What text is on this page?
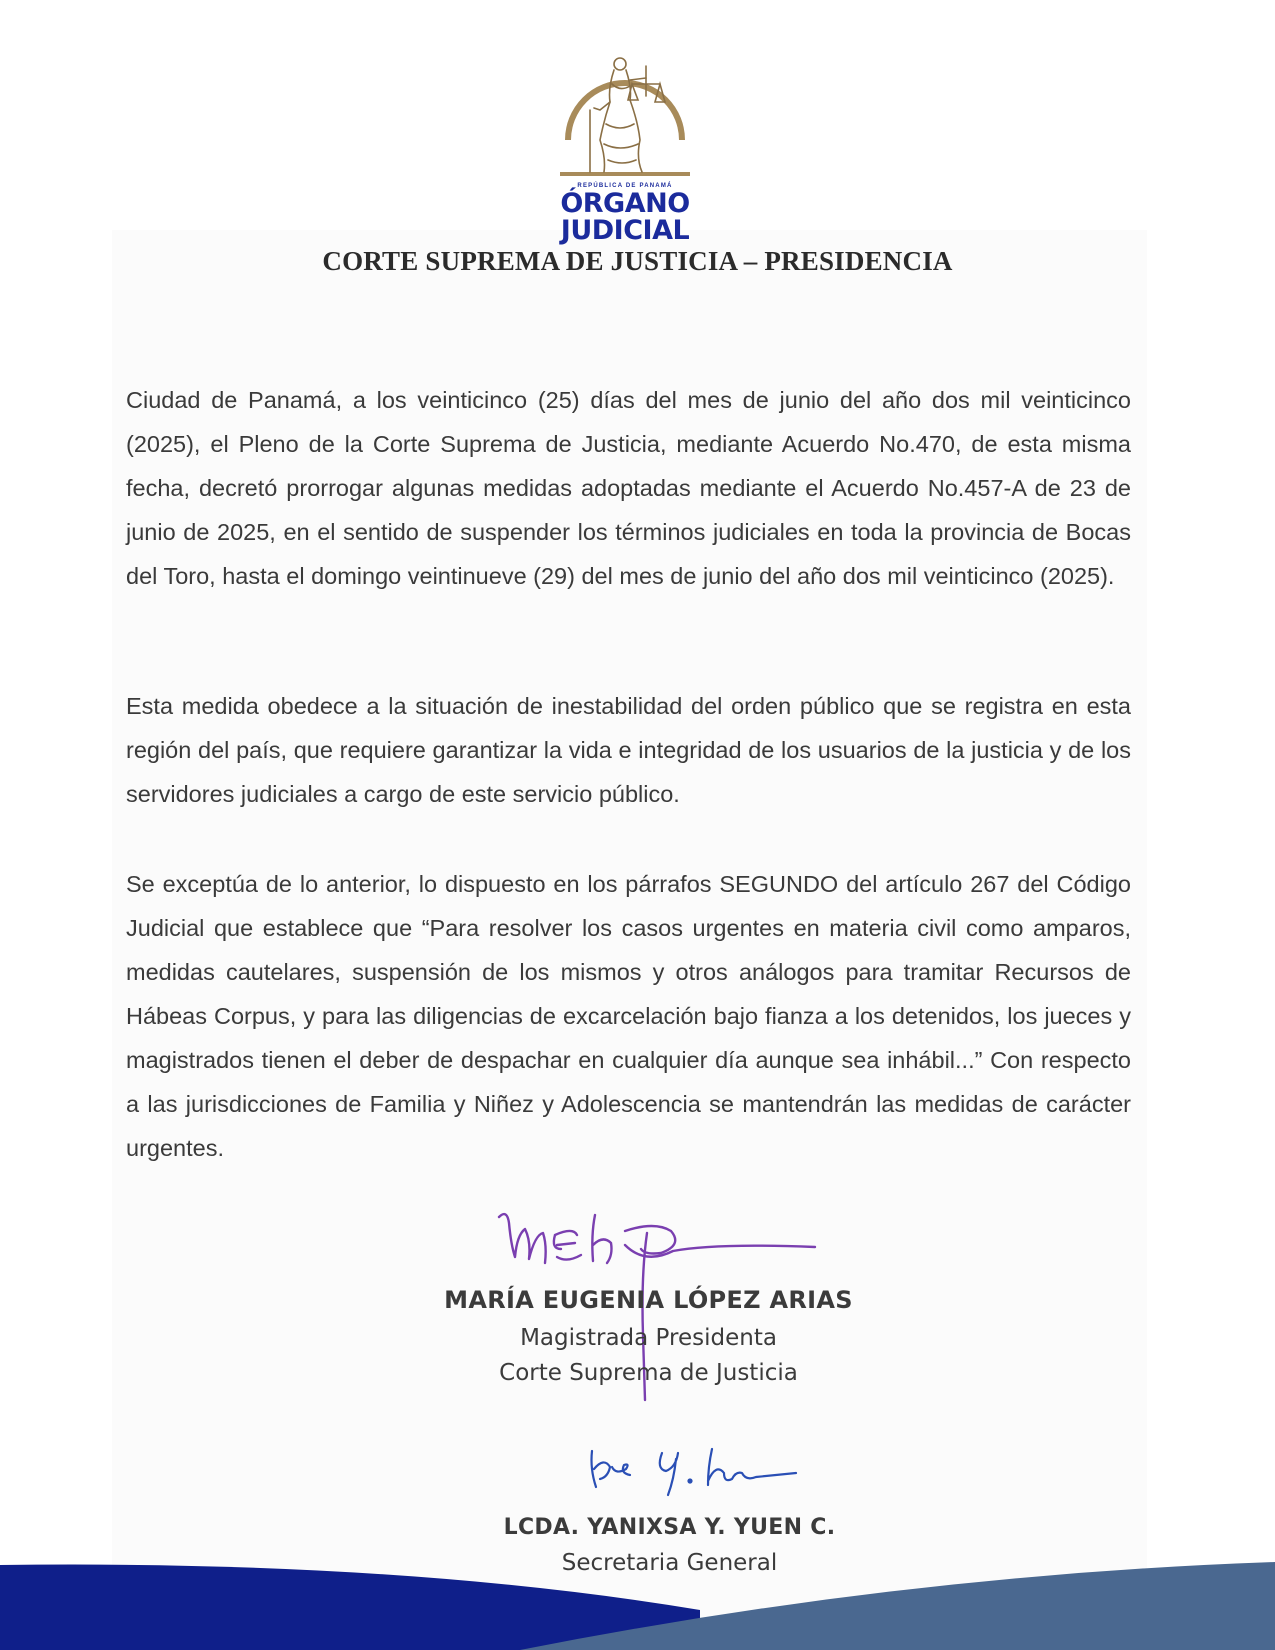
REPÚBLICA DE PANAMÁ
ÓRGANO
JUDICIAL
CORTE SUPREMA DE JUSTICIA – PRESIDENCIA
Ciudad de Panamá, a los veinticinco (25) días del mes de junio del año dos mil veinticinco (2025), el Pleno de la Corte Suprema de Justicia, mediante Acuerdo No.470, de esta misma fecha, decretó prorrogar algunas medidas adoptadas mediante el Acuerdo No.457-A de 23 de junio de 2025, en el sentido de suspender los términos judiciales en toda la provincia de Bocas del Toro, hasta el domingo veintinueve (29) del mes de junio del año dos mil veinticinco (2025).
Esta medida obedece a la situación de inestabilidad del orden público que se registra en esta región del país, que requiere garantizar la vida e integridad de los usuarios de la justicia y de los servidores judiciales a cargo de este servicio público.
Se exceptúa de lo anterior, lo dispuesto en los párrafos SEGUNDO del artículo 267 del Código Judicial que establece que “Para resolver los casos urgentes en materia civil como amparos, medidas cautelares, suspensión de los mismos y otros análogos para tramitar Recursos de Hábeas Corpus, y para las diligencias de excarcelación bajo fianza a los detenidos, los jueces y magistrados tienen el deber de despachar en cualquier día aunque sea inhábil...” Con respecto a las jurisdicciones de Familia y Niñez y Adolescencia se mantendrán las medidas de carácter urgentes.
MARÍA EUGENIA LÓPEZ ARIAS
Magistrada Presidenta
Corte Suprema de Justicia
LCDA. YANIXSA Y. YUEN C.
Secretaria General
